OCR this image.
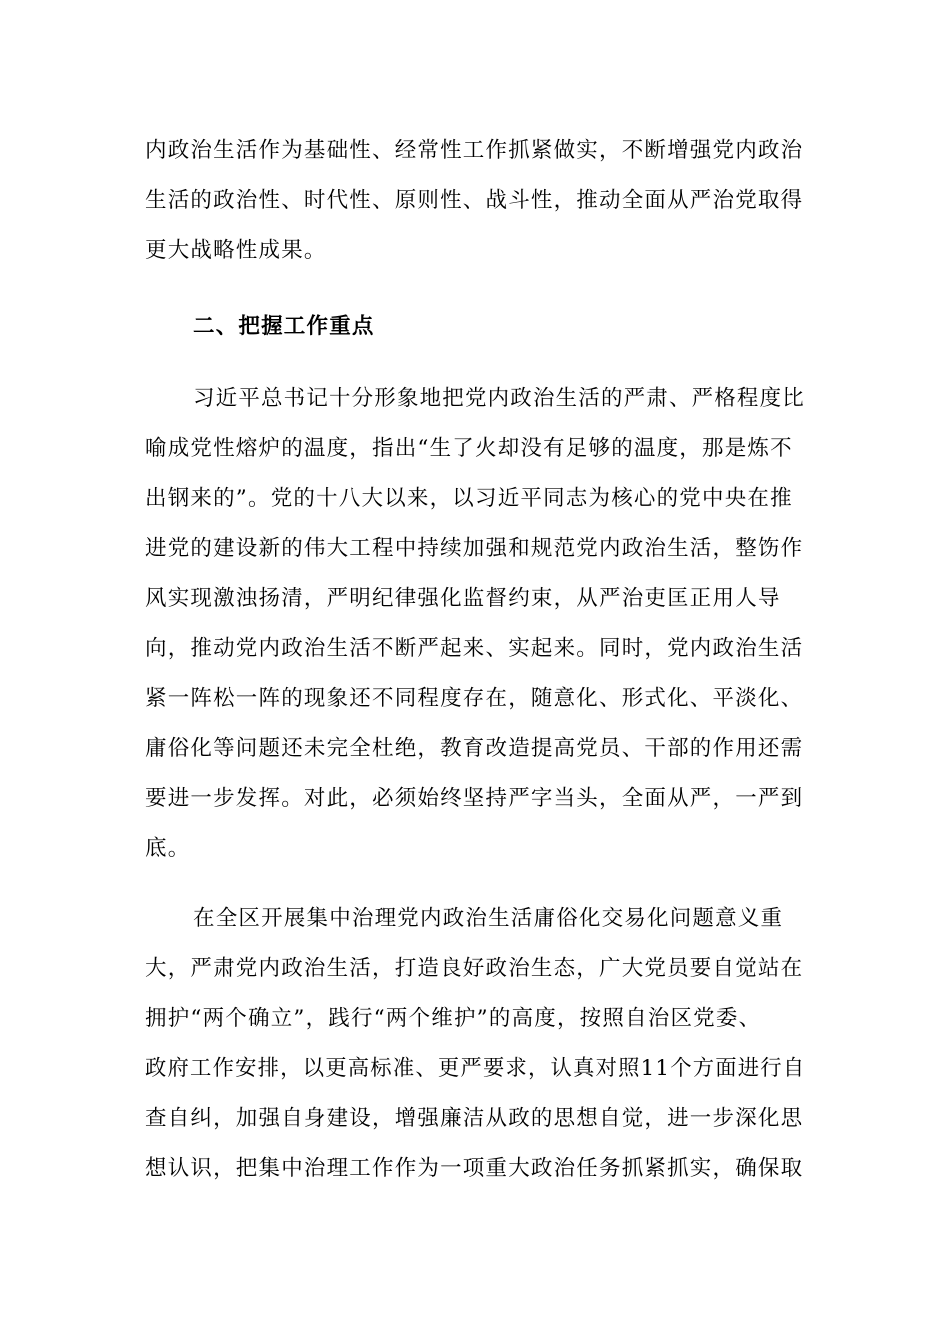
内政治生活作为基础性、经常性工作抓紧做实，不断增强党内政治
生活的政治性、时代性、原则性、战斗性，推动全面从严治党取得
更大战略性成果。
二、把握工作重点
习近平总书记十分形象地把党内政治生活的严肃、严格程度比
喻成党性熔炉的温度，指出“生了火却没有足够的温度，那是炼不
出钢来的”。党的十八大以来，以习近平同志为核心的党中央在推
进党的建设新的伟大工程中持续加强和规范党内政治生活，整饬作
风实现激浊扬清，严明纪律强化监督约束，从严治吏匡正用人导
向，推动党内政治生活不断严起来、实起来。同时，党内政治生活
紧一阵松一阵的现象还不同程度存在，随意化、形式化、平淡化、
庸俗化等问题还未完全杜绝，教育改造提高党员、干部的作用还需
要进一步发挥。对此，必须始终坚持严字当头，全面从严，一严到
底。
在全区开展集中治理党内政治生活庸俗化交易化问题意义重
大，严肃党内政治生活，打造良好政治生态，广大党员要自觉站在
拥护“两个确立”，践行“两个维护”的高度，按照自治区党委、
政府工作安排，以更高标准、更严要求，认真对照11个方面进行自
查自纠，加强自身建设，增强廉洁从政的思想自觉，进一步深化思
想认识，把集中治理工作作为一项重大政治任务抓紧抓实，确保取
